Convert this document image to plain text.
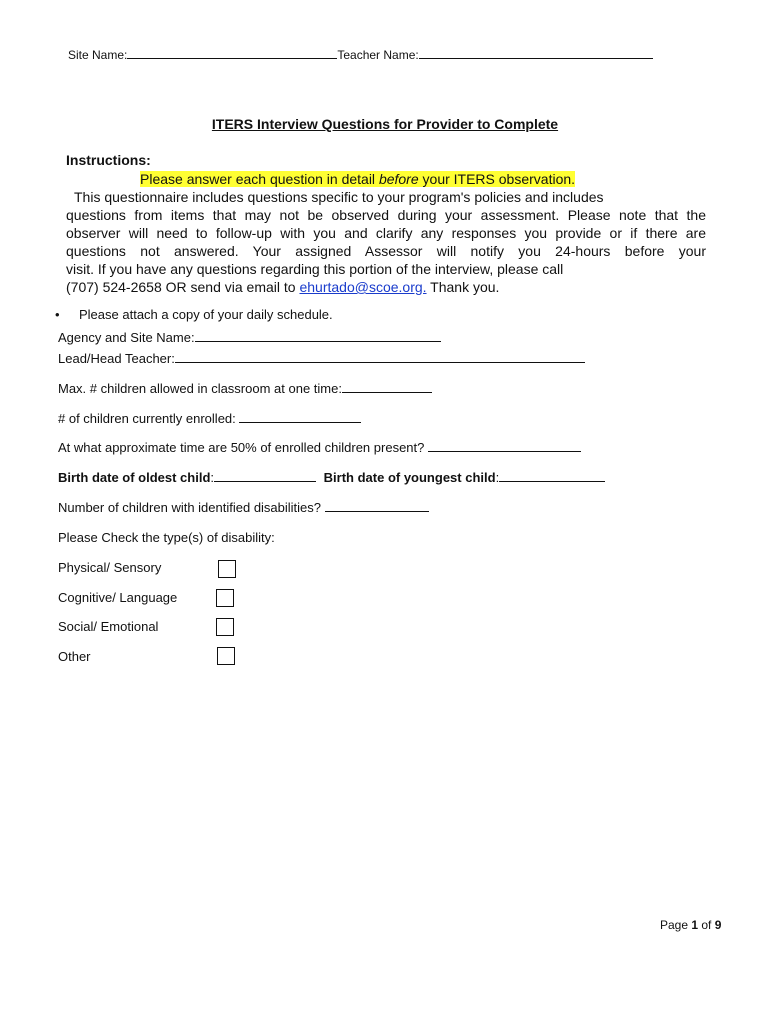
Site Name:	Teacher Name:
ITERS Interview Questions for Provider to Complete
Instructions:
Please answer each question in detail before your ITERS observation.
This questionnaire includes questions specific to your program's policies and includes
questions from items that may not be observed during your assessment. Please note that the
observer will need to follow-up with you and clarify any responses you provide or if there are
questions not answered. Your assigned Assessor will notify you 24-hours before your
visit. If you have any questions regarding this portion of the interview, please call
(707) 524-2658 OR send via email to ehurtado@scoe.org. Thank you.
• Please attach a copy of your daily schedule.
Agency and Site Name:
Lead/Head Teacher:
Max. # children allowed in classroom at one time:
# of children currently enrolled:
At what approximate time are 50% of enrolled children present?
Birth date of oldest child:	Birth date of youngest child:
Number of children with identified disabilities?
Please Check the type(s) of disability:
Physical/ Sensory
Cognitive/ Language
Social/ Emotional
Other
Page 1 of 9
